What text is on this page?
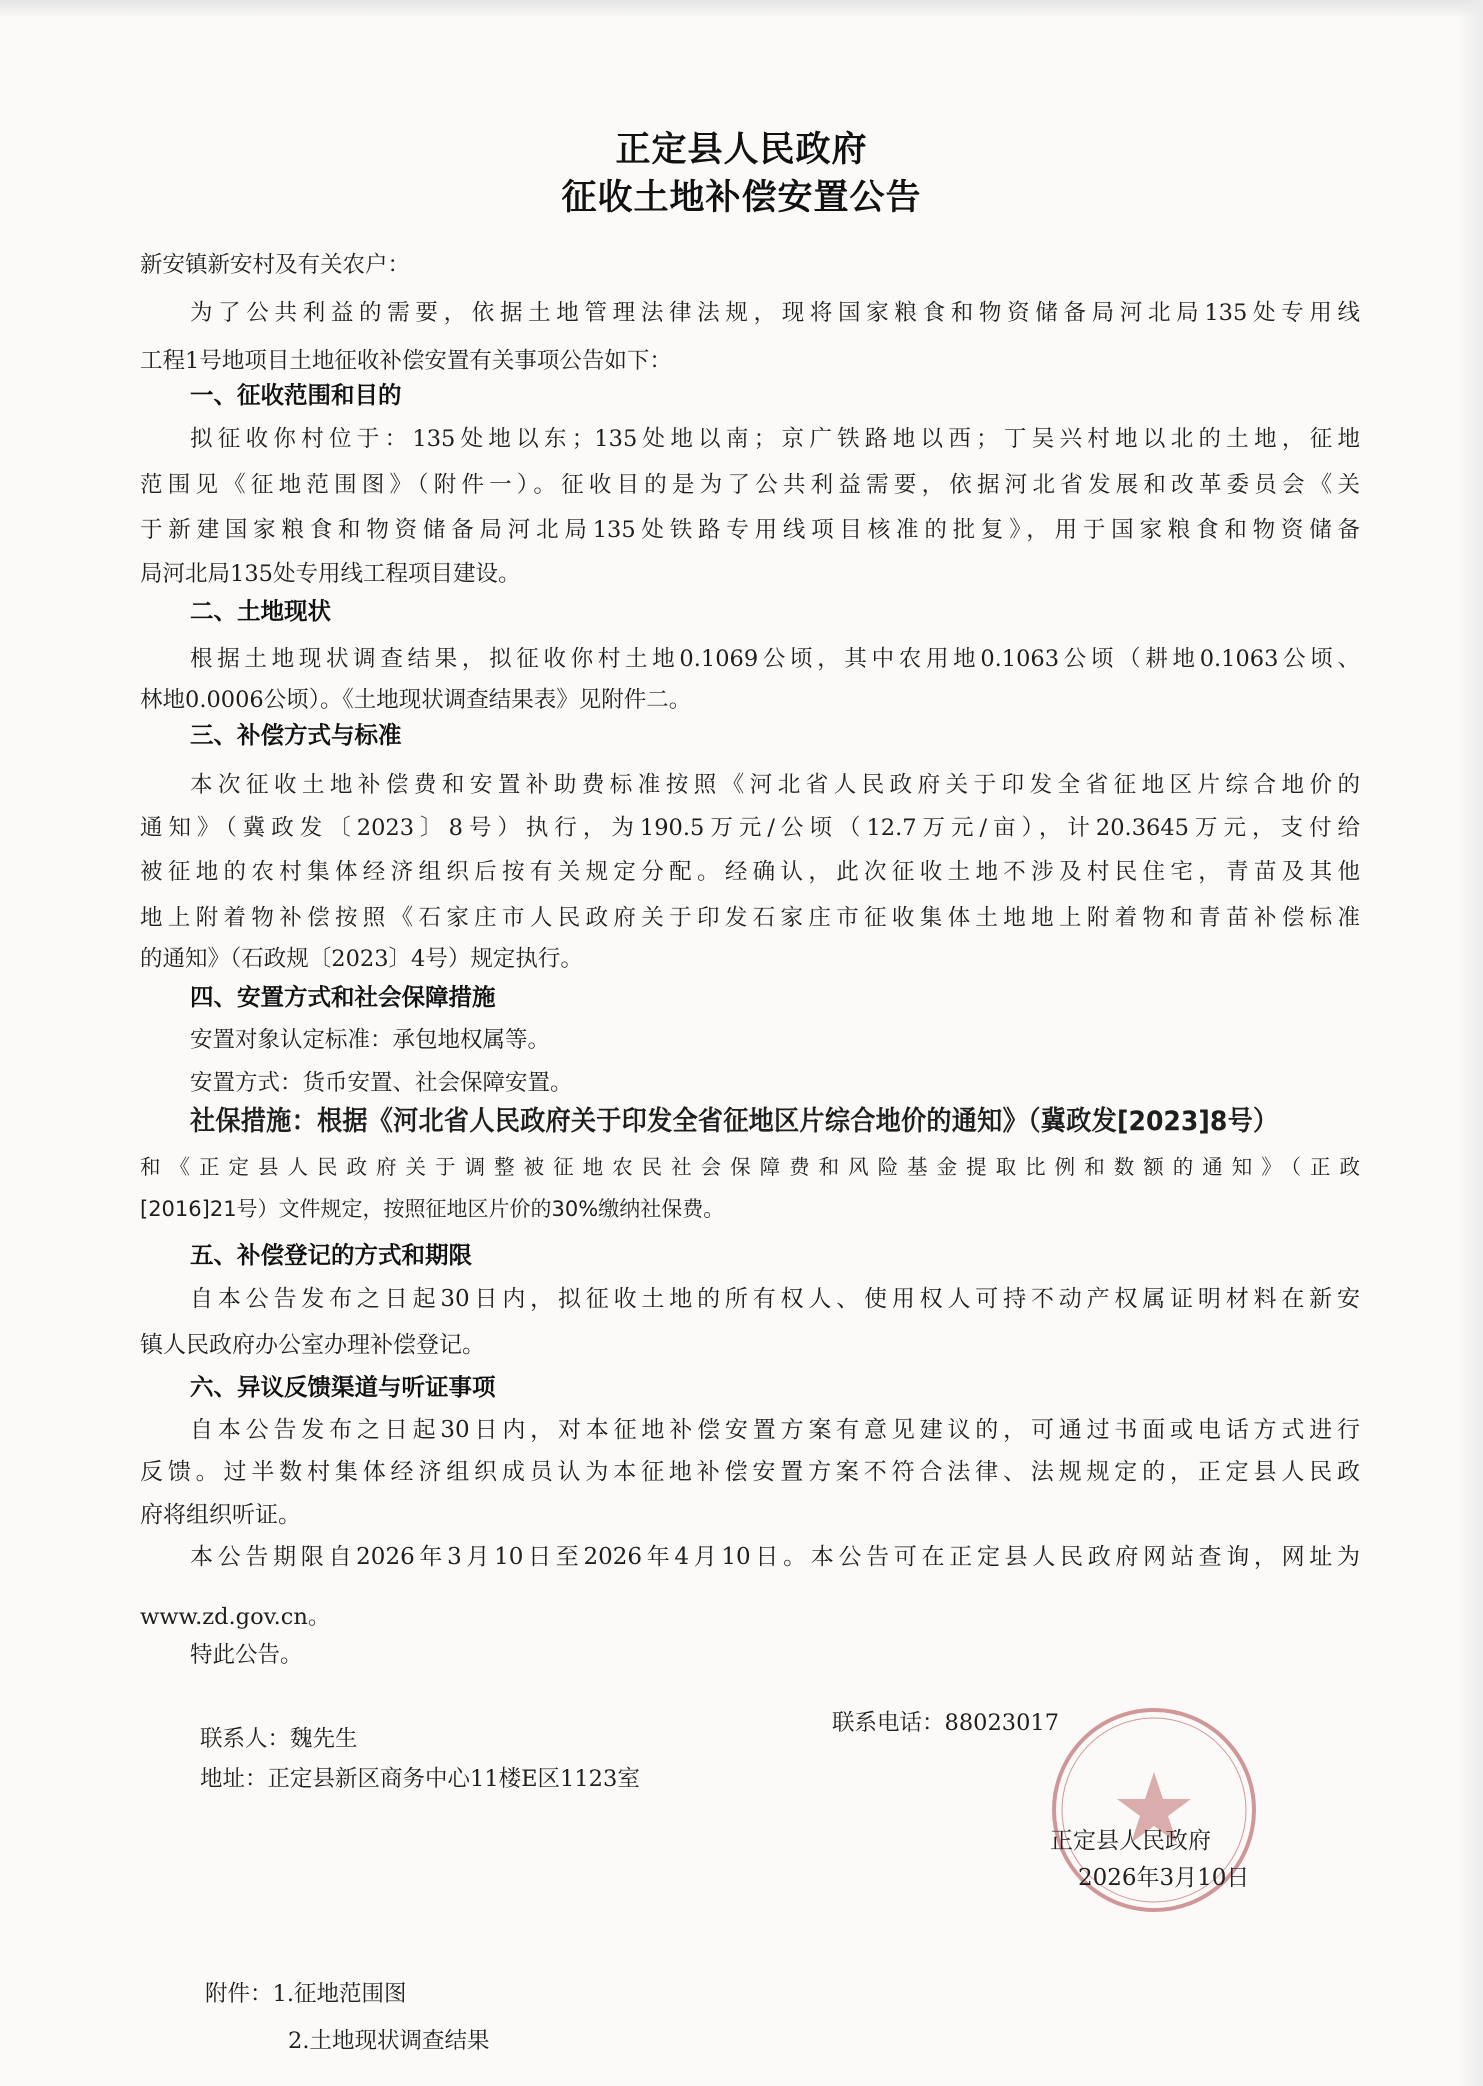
正定县人民政府
征收土地补偿安置公告
新安镇新安村及有关农户：
为了公共利益的需要，依据土地管理法律法规，现将国家粮食和物资储备局河北局135处专用线
工程1号地项目土地征收补偿安置有关事项公告如下：
一、征收范围和目的
拟征收你村位于：135处地以东；135处地以南；京广铁路地以西；丁吴兴村地以北的土地，征地
范围见《征地范围图》（附件一）。征收目的是为了公共利益需要，依据河北省发展和改革委员会《关
于新建国家粮食和物资储备局河北局135处铁路专用线项目核准的批复》，用于国家粮食和物资储备
局河北局135处专用线工程项目建设。
二、土地现状
根据土地现状调查结果，拟征收你村土地0.1069公顷，其中农用地0.1063公顷（耕地0.1063公顷、
林地0.0006公顷）。《土地现状调查结果表》见附件二。
三、补偿方式与标准
本次征收土地补偿费和安置补助费标准按照《河北省人民政府关于印发全省征地区片综合地价的
通知》（冀政发〔2023〕8号）执行，为190.5万元/公顷（12.7万元/亩），计20.3645万元，支付给
被征地的农村集体经济组织后按有关规定分配。经确认，此次征收土地不涉及村民住宅，青苗及其他
地上附着物补偿按照《石家庄市人民政府关于印发石家庄市征收集体土地地上附着物和青苗补偿标准
的通知》（石政规〔2023〕4号）规定执行。
四、安置方式和社会保障措施
安置对象认定标准：承包地权属等。
安置方式：货币安置、社会保障安置。
社保措施：根据《河北省人民政府关于印发全省征地区片综合地价的通知》（冀政发[2023]8号）
和《正定县人民政府关于调整被征地农民社会保障费和风险基金提取比例和数额的通知》（正政
[2016]21号）文件规定，按照征地区片价的30%缴纳社保费。
五、补偿登记的方式和期限
自本公告发布之日起30日内，拟征收土地的所有权人、使用权人可持不动产权属证明材料在新安
镇人民政府办公室办理补偿登记。
六、异议反馈渠道与听证事项
自本公告发布之日起30日内，对本征地补偿安置方案有意见建议的，可通过书面或电话方式进行
反馈。过半数村集体经济组织成员认为本征地补偿安置方案不符合法律、法规规定的，正定县人民政
府将组织听证。
本公告期限自2026年3月10日至2026年4月10日。本公告可在正定县人民政府网站查询，网址为
www.zd.gov.cn。
特此公告。
联系人：魏先生
联系电话：88023017
地址：正定县新区商务中心11楼E区1123室
正定县人民政府
2026年3月10日
附件：1.征地范围图
2.土地现状调查结果
